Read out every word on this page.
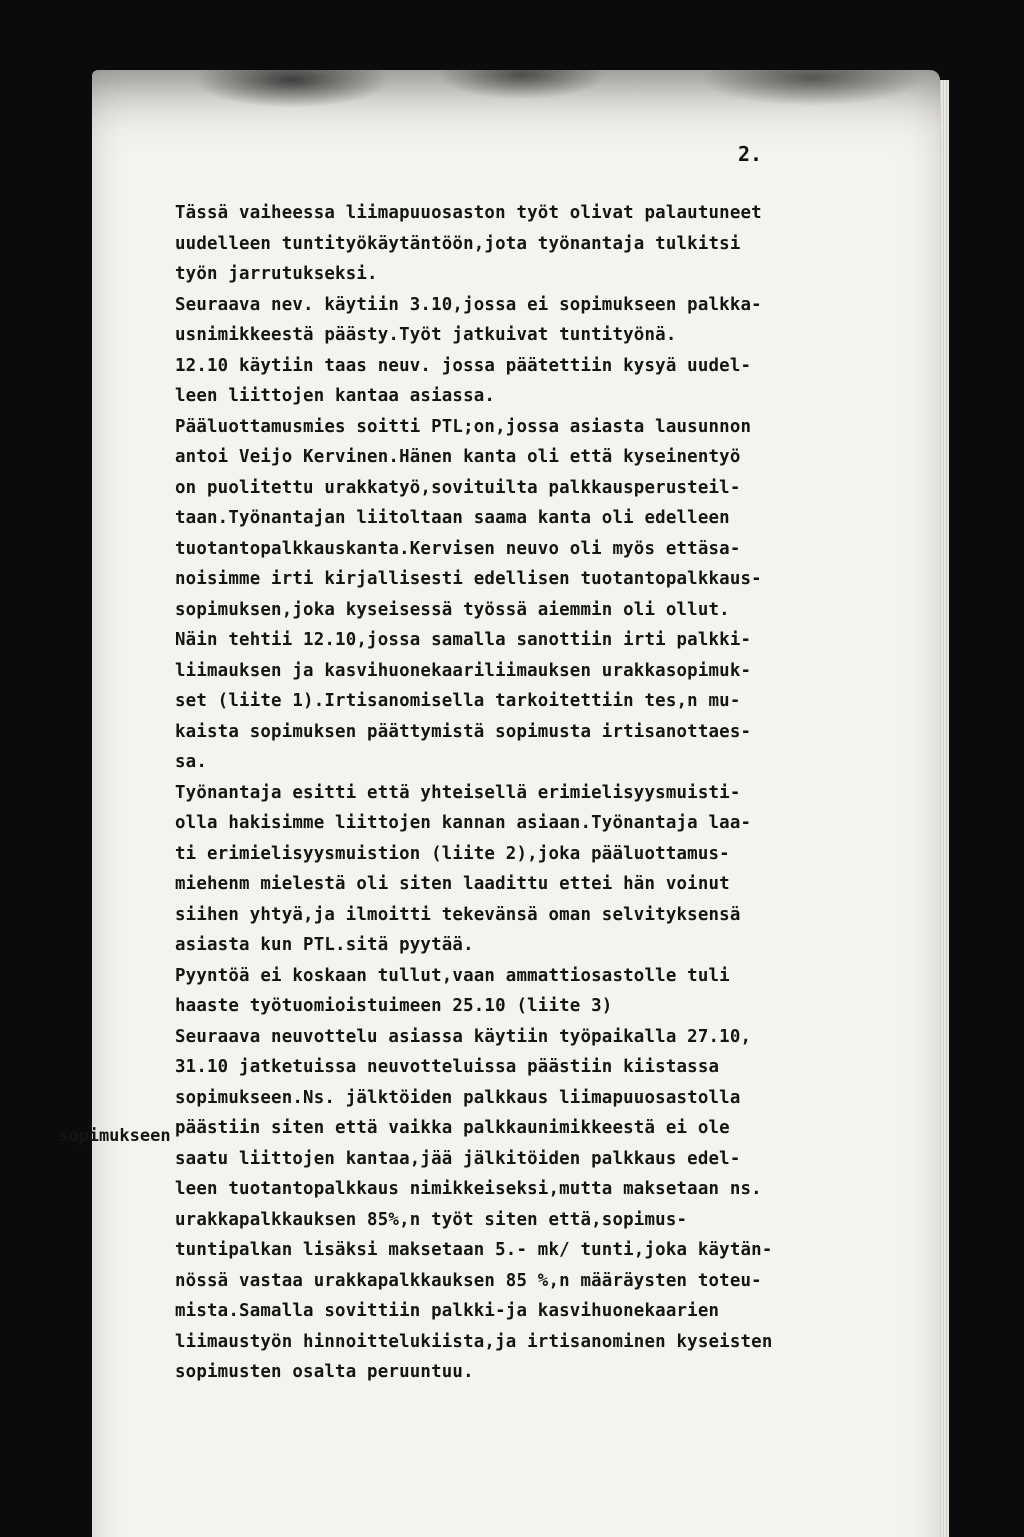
2.
sopimukseen
Tässä vaiheessa liimapuuosaston työt olivat palautuneet
uudelleen tuntityökäytäntöön,jota työnantaja tulkitsi
työn jarrutukseksi.
Seuraava nev. käytiin 3.10,jossa ei sopimukseen palkka-
usnimikkeestä päästy.Työt jatkuivat tuntityönä.
12.10 käytiin taas neuv. jossa päätettiin kysyä uudel-
leen liittojen kantaa asiassa.
Pääluottamusmies soitti PTL;on,jossa asiasta lausunnon
antoi Veijo Kervinen.Hänen kanta oli että kyseinentyö
on puolitettu urakkatyö,sovituilta palkkausperusteil-
taan.Työnantajan liitoltaan saama kanta oli edelleen
tuotantopalkkauskanta.Kervisen neuvo oli myös ettäsa-
noisimme irti kirjallisesti edellisen tuotantopalkkaus-
sopimuksen,joka kyseisessä työssä aiemmin oli ollut.
Näin tehtii 12.10,jossa samalla sanottiin irti palkki-
liimauksen ja kasvihuonekaariliimauksen urakkasopimuk-
set (liite 1).Irtisanomisella tarkoitettiin tes,n mu-
kaista sopimuksen päättymistä sopimusta irtisanottaes-
sa.
Työnantaja esitti että yhteisellä erimielisyysmuisti-
olla hakisimme liittojen kannan asiaan.Työnantaja laa-
ti erimielisyysmuistion (liite 2),joka pääluottamus-
miehenm mielestä oli siten laadittu ettei hän voinut
siihen yhtyä,ja ilmoitti tekevänsä oman selvityksensä
asiasta kun PTL.sitä pyytää.
Pyyntöä ei koskaan tullut,vaan ammattiosastolle tuli
haaste työtuomioistuimeen 25.10 (liite 3)
Seuraava neuvottelu asiassa käytiin työpaikalla 27.10,
31.10 jatketuissa neuvotteluissa päästiin kiistassa
sopimukseen.Ns. jälktöiden palkkaus liimapuuosastolla
päästiin siten että vaikka palkkaunimikkeestä ei ole
saatu liittojen kantaa,jää jälkitöiden palkkaus edel-
leen tuotantopalkkaus nimikkeiseksi,mutta maksetaan ns.
urakkapalkkauksen 85%,n työt siten että,sopimus-
tuntipalkan lisäksi maksetaan 5.- mk/ tunti,joka käytän-
nössä vastaa urakkapalkkauksen 85 %,n määräysten toteu-
mista.Samalla sovittiin palkki-ja kasvihuonekaarien
liimaustyön hinnoittelukiista,ja irtisanominen kyseisten
sopimusten osalta peruuntuu.
